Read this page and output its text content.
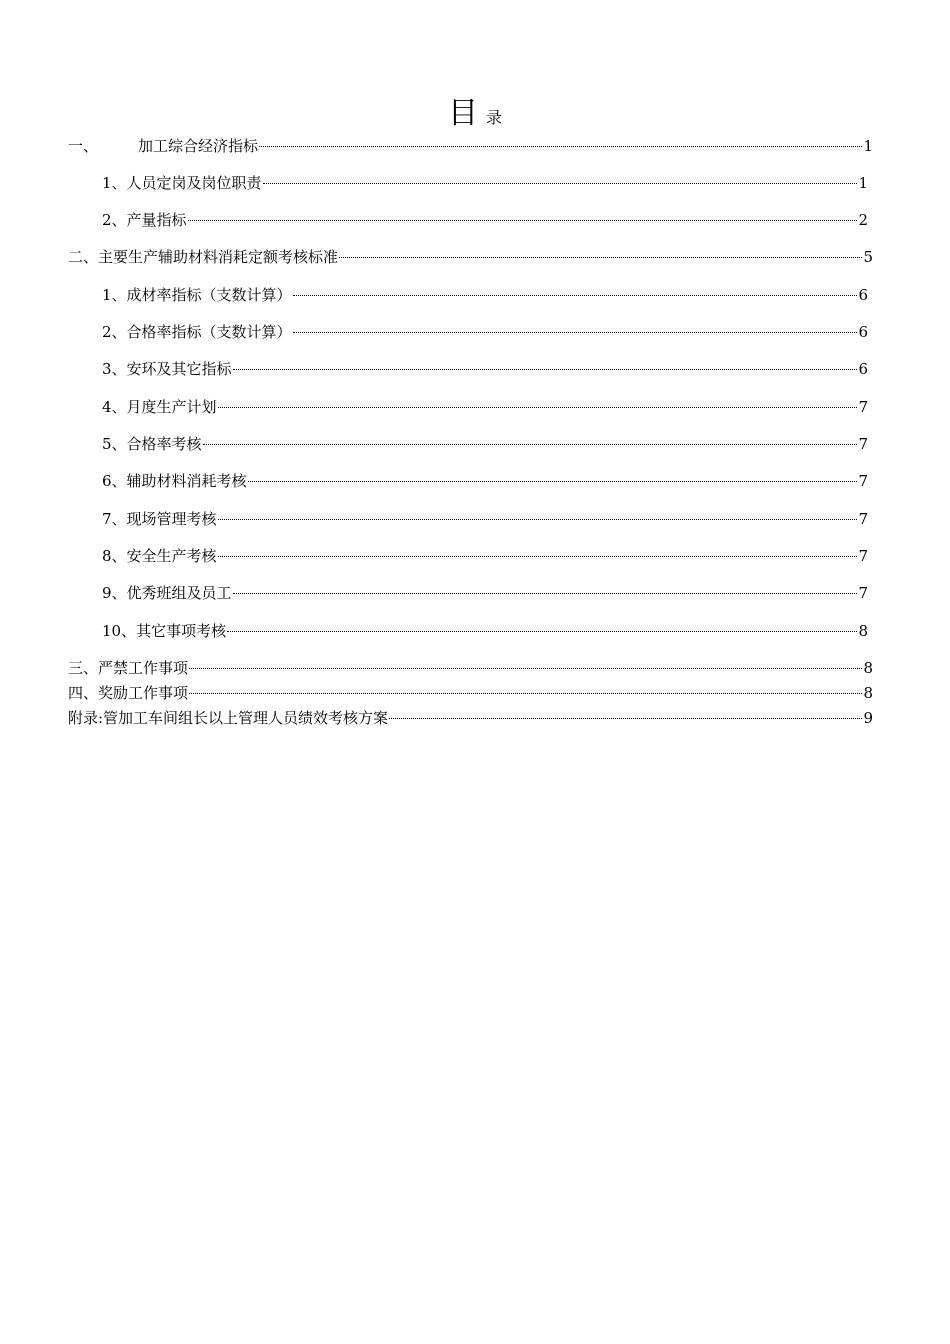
目录
一、	加工综合经济指标	1
1、人员定岗及岗位职责	1
2、产量指标	2
二、主要生产辅助材料消耗定额考核标准	5
1、成材率指标（支数计算）	6
2、合格率指标（支数计算）	6
3、安环及其它指标	6
4、月度生产计划	7
5、合格率考核	7
6、辅助材料消耗考核	7
7、现场管理考核	7
8、安全生产考核	7
9、优秀班组及员工	7
10、其它事项考核	8
三、严禁工作事项	8
四、奖励工作事项	8
附录:管加工车间组长以上管理人员绩效考核方案	9
